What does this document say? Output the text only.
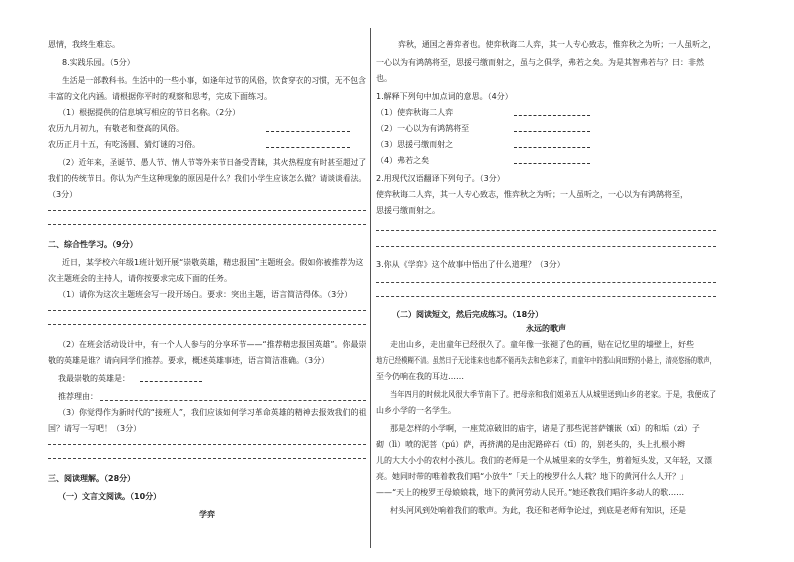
恩情，我终生难忘。
8.实践乐园。（5分）
生活是一部教科书。生活中的一些小事，如逢年过节的风俗，饮食穿衣的习惯，无不包含
丰富的文化内涵。请根据你平时的观察和思考，完成下面练习。
（1）根据提供的信息填写相应的节日名称。（2分）
农历九月初九，有敬老和登高的风俗。
农历正月十五，有吃汤圆、猜灯谜的习俗。
（2）近年来，圣诞节、愚人节、情人节等外来节日备受青睐，其火热程度有时甚至超过了
我们的传统节日。你认为产生这种现象的原因是什么？我们小学生应该怎么做？请谈谈看法。
（3分）
二、综合性学习。（9分）
近日，某学校六年级1班计划开展“崇敬英雄，精忠报国”主题班会。假如你被推荐为这
次主题班会的主持人，请你按要求完成下面的任务。
（1）请你为这次主题班会写一段开场白。要求：突出主题，语言简洁得体。（3分）
（2）在班会活动设计中，有一个人人参与的分享环节——“推荐精忠报国英雄”。你最崇
敬的英雄是谁？请向同学们推荐。要求，概述英雄事迹，语言简洁准确。（3分）
我最崇敬的英雄是：
推荐理由：
（3）你觉得作为新时代的“接班人”，我们应该如何学习革命英雄的精神去报效我们的祖
国？请写一写吧！（3分）
三、阅读理解。（28分）
（一）文言文阅读。（10分）
学弈
弈秋，通国之善弈者也。使弈秋诲二人弈，其一人专心致志，惟弈秋之为听；一人虽听之，
一心以为有鸿鹄将至，思援弓缴而射之，虽与之俱学，弗若之矣。为是其智弗若与？曰：非然
也。
1.解释下列句中加点词的意思。（4分）
（1）使弈秋诲二人弈
（2）一心以为有鸿鹄将至
（3）思援弓缴而射之
（4）弗若之矣
2.用现代汉语翻译下列句子。（3分）
使弈秋诲二人弈，其一人专心致志，惟弈秋之为听；一人虽听之，一心以为有鸿鹄将至，
思援弓缴而射之。
3.你从《学弈》这个故事中悟出了什么道理？（3分）
（二）阅读短文，然后完成练习。（18分）
永远的歌声
走出山乡，走出童年已经很久了。童年像一张褪了色的画，贴在记忆里的墙壁上，好些
地方已经模糊不清。虽然日子无论谁来也也都不能再失去和色彩来了，而童年中的那山间田野的小路上，清亮悠扬的歌声，
至今仍响在我的耳边……
当年四月的时候北风很大季节南下了。把母亲和我们姐弟五人从城里送到山乡的老家。于是，我便成了
山乡小学的一名学生。
那是怎样的小学啊，一座荒凉破旧的庙宇，诸是了那些泥菩萨镶嵌（xī）的和垢（zì）子
砌（lì）喷的泥菩（pú）萨，再挤满的是由泥路碎石（tī）的，别老头的，头上扎根小辫
儿的大大小小的农村小孩儿。我们的老师是一个从城里来的女学生，剪着短头发，又年轻，又漂
亮。她同时带的唯着教我们唱“小放牛”「天上的梭罗什么人栽？地下的黄河什么人开？」
——“天上的梭罗王母娘娘栽，地下的黄河劳动人民开。”她还教我们唱许多动人的歌……
村头河风到处响着我们的歌声。为此，我还和老师争论过，到底是老师有知识，还是
